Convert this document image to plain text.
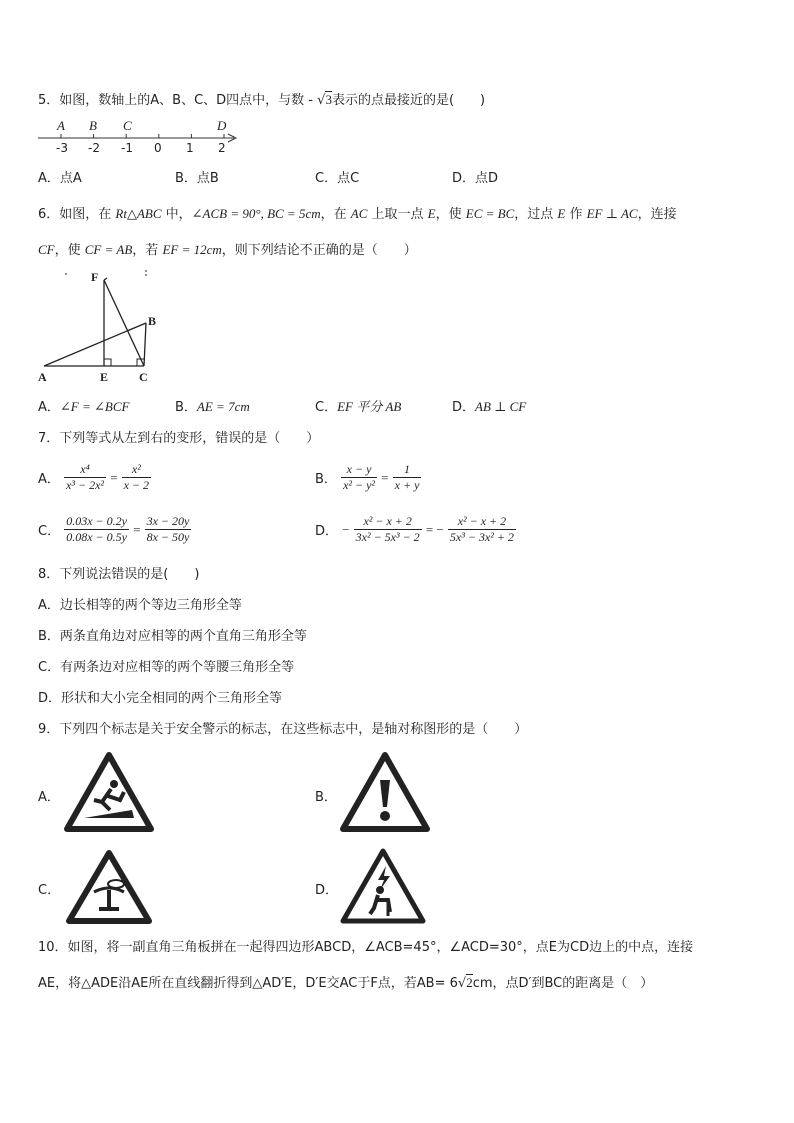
5．如图，数轴上的A、B、C、D四点中，与数 - √3表示的点最接近的是(　　)
A B C	D
-3 -2 -1 0 1 2
A．点A	B．点B	C．点C	D．点D
6．如图，在 Rt△ABC 中，∠ACB = 90°, BC = 5cm，在 AC 上取一点 E，使 EC = BC，过点 E 作 EF ⊥ AC，连接
CF，使 CF = AB，若 EF = 12cm，则下列结论不正确的是（　　）
F
B
A	E	C
A．∠F = ∠BCF	B．AE = 7cm	C．EF 平分 AB	D．AB ⊥ CF
7．下列等式从左到右的变形，错误的是（　　）
A． $\frac{\text{x⁴}}{\text{x³ − 2x²}} = \frac{\text{x²}}{x - 2}$	B． $\frac{x - y}{\text{x² − y²}} = \frac{1}{x + y}$
C． $\frac{0.03x - 0.2y}{0.08x - 0.5y} = \frac{3x - 20y}{8x - 50y}$	D． − $\frac{\text{x² − x + 2}}{\text{3x² − 5x³ − 2}}$ = − $\frac{\text{x² − x + 2}}{\text{5x³ − 3x² + 2}}$
8．下列说法错误的是(　　)
A．边长相等的两个等边三角形全等
B．两条直角边对应相等的两个直角三角形全等
C．有两条边对应相等的两个等腰三角形全等
D．形状和大小完全相同的两个三角形全等
9．下列四个标志是关于安全警示的标志，在这些标志中，是轴对称图形的是（　　）
A．	B．
C．	D．
10．如图，将一副直角三角板拼在一起得四边形ABCD，∠ACB=45°，∠ACD=30°，点E为CD边上的中点，连接
AE，将△ADE沿AE所在直线翻折得到△AD′E，D′E交AC于F点，若AB= 6√2cm，点D′到BC的距离是（　）
